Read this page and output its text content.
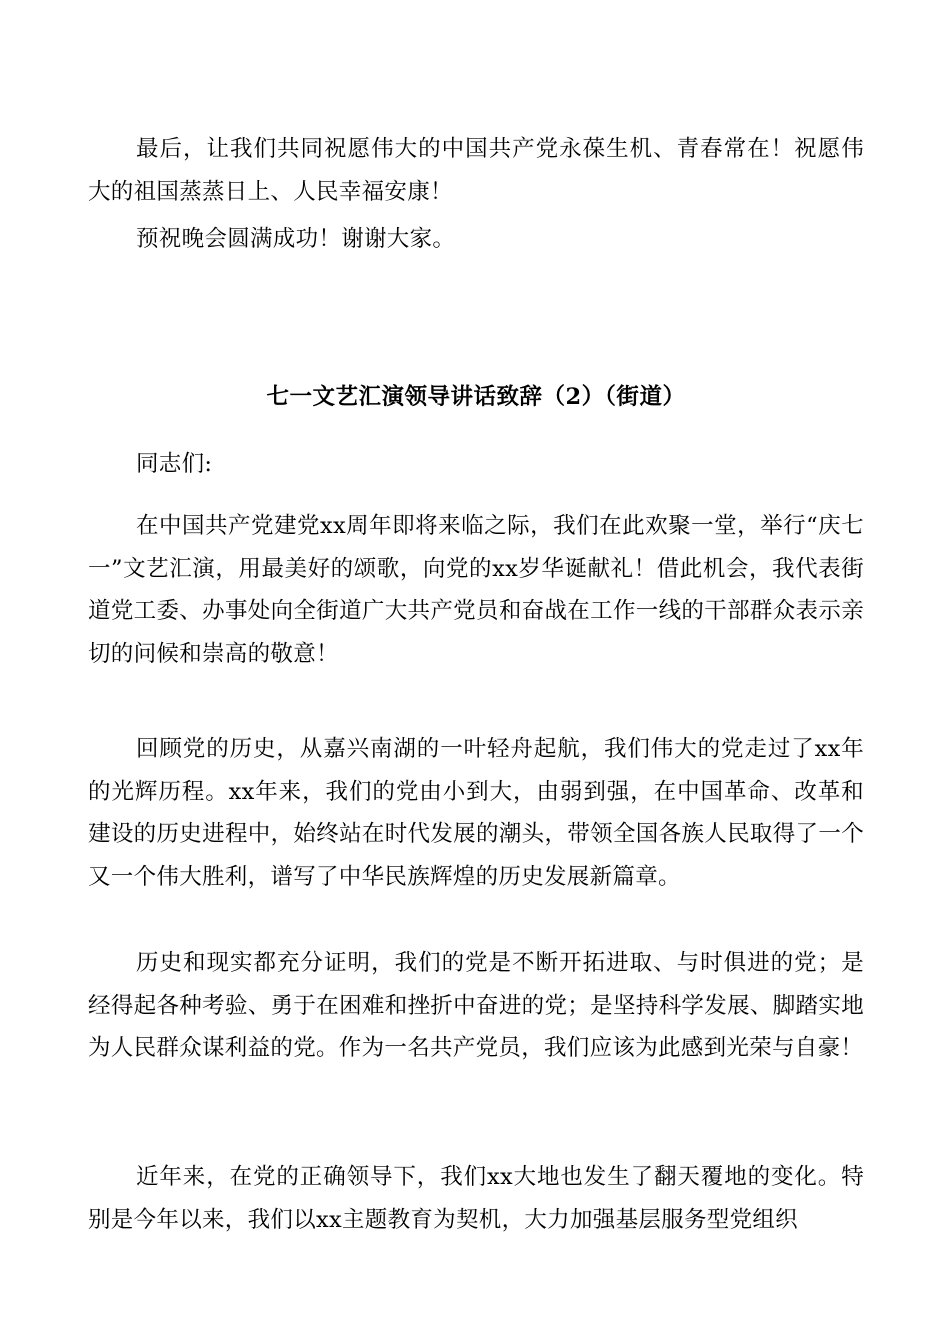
最后，让我们共同祝愿伟大的中国共产党永葆生机、青春常在！祝愿伟大的祖国蒸蒸日上、人民幸福安康！

预祝晚会圆满成功！谢谢大家。

七一文艺汇演领导讲话致辞（2）（街道）

同志们:

在中国共产党建党xx周年即将来临之际，我们在此欢聚一堂，举行“庆七一”文艺汇演，用最美好的颂歌，向党的xx岁华诞献礼！借此机会，我代表街道党工委、办事处向全街道广大共产党员和奋战在工作一线的干部群众表示亲切的问候和崇高的敬意！

回顾党的历史，从嘉兴南湖的一叶轻舟起航，我们伟大的党走过了xx年的光辉历程。xx年来，我们的党由小到大，由弱到强，在中国革命、改革和建设的历史进程中，始终站在时代发展的潮头，带领全国各族人民取得了一个又一个伟大胜利，谱写了中华民族辉煌的历史发展新篇章。

历史和现实都充分证明，我们的党是不断开拓进取、与时俱进的党；是经得起各种考验、勇于在困难和挫折中奋进的党；是坚持科学发展、脚踏实地为人民群众谋利益的党。作为一名共产党员，我们应该为此感到光荣与自豪！

近年来，在党的正确领导下，我们xx大地也发生了翻天覆地的变化。特别是今年以来，我们以xx主题教育为契机，大力加强基层服务型党组织
